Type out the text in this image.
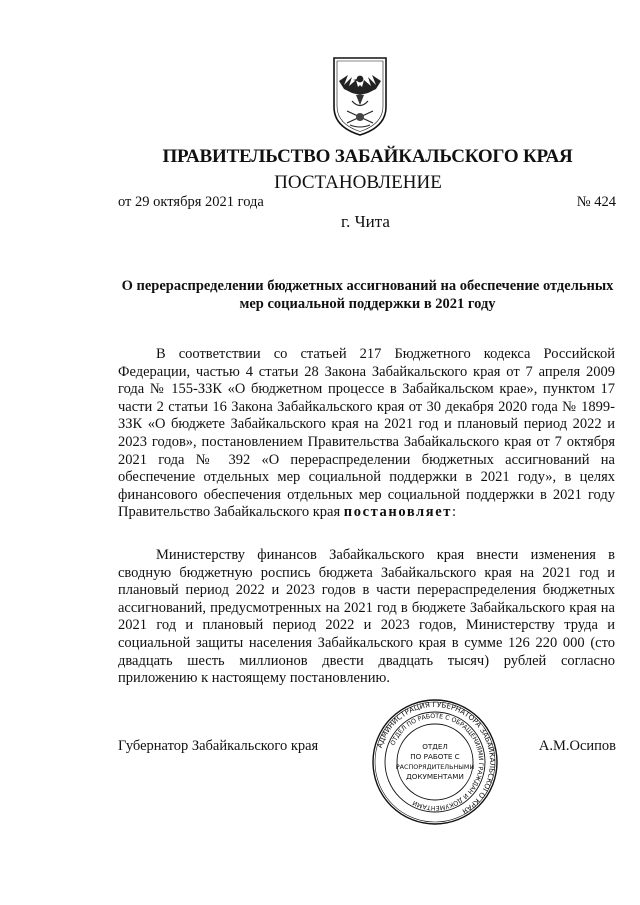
ПРАВИТЕЛЬСТВО ЗАБАЙКАЛЬСКОГО КРАЯ
ПОСТАНОВЛЕНИЕ
от 29 октября 2021 года	№ 424
г. Чита
О перераспределении бюджетных ассигнований на обеспечение отдельных мер социальной поддержки в 2021 году

В соответствии со статьей 217 Бюджетного кодекса Российской Федерации, частью 4 статьи 28 Закона Забайкальского края от 7 апреля 2009 года № 155-ЗЗК «О бюджетном процессе в Забайкальском крае», пунктом 17 части 2 статьи 16 Закона Забайкальского края от 30 декабря 2020 года № 1899-ЗЗК «О бюджете Забайкальского края на 2021 год и плановый период 2022 и 2023 годов», постановлением Правительства Забайкальского края от 7 октября 2021 года № 392 «О перераспределении бюджетных ассигнований на обеспечение отдельных мер социальной поддержки в 2021 году», в целях финансового обеспечения отдельных мер социальной поддержки в 2021 году Правительство Забайкальского края постановляет:

Министерству финансов Забайкальского края внести изменения в сводную бюджетную роспись бюджета Забайкальского края на 2021 год и плановый период 2022 и 2023 годов в части перераспределения бюджетных ассигнований, предусмотренных на 2021 год в бюджете Забайкальского края на 2021 год и плановый период 2022 и 2023 годов, Министерству труда и социальной защиты населения Забайкальского края в сумме 126 220 000 (сто двадцать шесть миллионов двести двадцать тысяч) рублей согласно приложению к настоящему постановлению.

Губернатор Забайкальского края	А.М.Осипов
АДМИНИСТРАЦИЯ ГУБЕРНАТОРА ЗАБАЙКАЛЬСКОГО КРАЯ
ОТДЕЛ ПО РАБОТЕ С ОБРАЩЕНИЯМИ ГРАЖДАН И ДОКУМЕНТАМИ
ОТДЕЛ
ПО РАБОТЕ С
РАСПОРЯДИТЕЛЬНЫМИ
ДОКУМЕНТАМИ
